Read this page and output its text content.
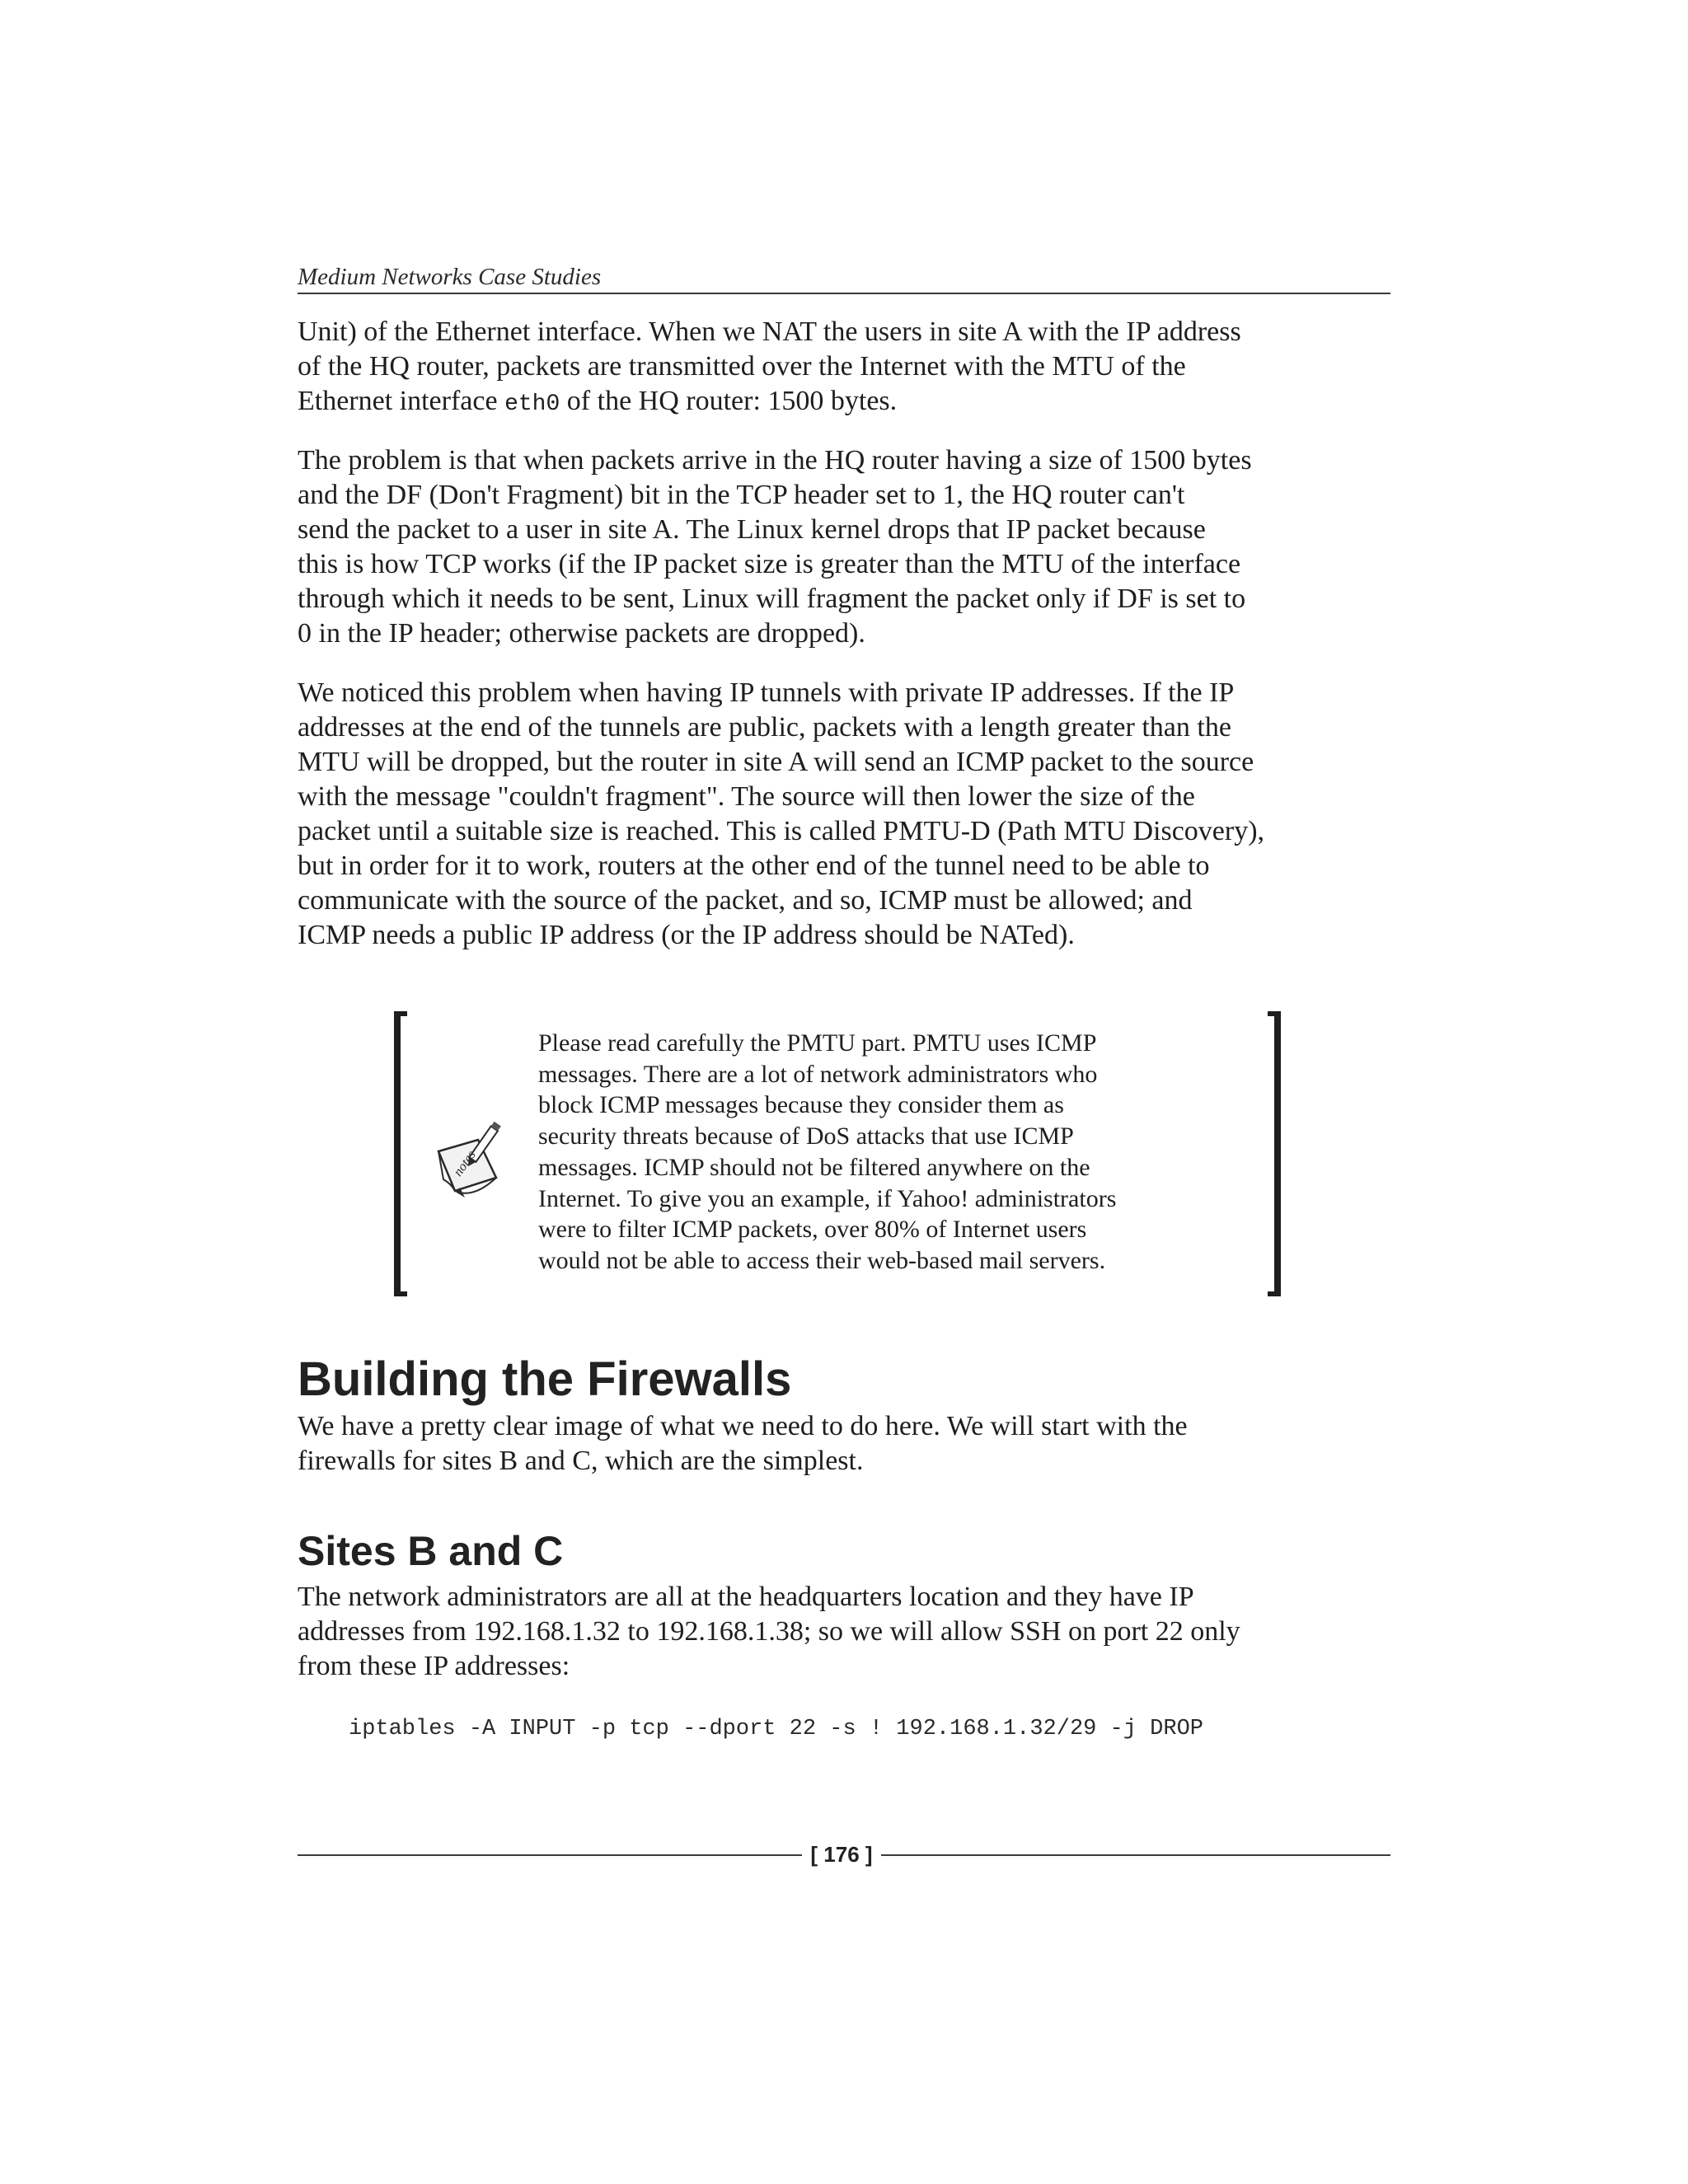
Medium Networks Case Studies

Unit) of the Ethernet interface. When we NAT the users in site A with the IP address
of the HQ router, packets are transmitted over the Internet with the MTU of the
Ethernet interface eth0 of the HQ router: 1500 bytes.

The problem is that when packets arrive in the HQ router having a size of 1500 bytes
and the DF (Don't Fragment) bit in the TCP header set to 1, the HQ router can't
send the packet to a user in site A. The Linux kernel drops that IP packet because
this is how TCP works (if the IP packet size is greater than the MTU of the interface
through which it needs to be sent, Linux will fragment the packet only if DF is set to
0 in the IP header; otherwise packets are dropped).

We noticed this problem when having IP tunnels with private IP addresses. If the IP
addresses at the end of the tunnels are public, packets with a length greater than the
MTU will be dropped, but the router in site A will send an ICMP packet to the source
with the message "couldn't fragment". The source will then lower the size of the
packet until a suitable size is reached. This is called PMTU-D (Path MTU Discovery),
but in order for it to work, routers at the other end of the tunnel need to be able to
communicate with the source of the packet, and so, ICMP must be allowed; and
ICMP needs a public IP address (or the IP address should be NATed).

notes
Please read carefully the PMTU part. PMTU uses ICMP
messages. There are a lot of network administrators who
block ICMP messages because they consider them as
security threats because of DoS attacks that use ICMP
messages. ICMP should not be filtered anywhere on the
Internet. To give you an example, if Yahoo! administrators
were to filter ICMP packets, over 80% of Internet users
would not be able to access their web-based mail servers.
Building the Firewalls

We have a pretty clear image of what we need to do here. We will start with the
firewalls for sites B and C, which are the simplest.

Sites B and C

The network administrators are all at the headquarters location and they have IP
addresses from 192.168.1.32 to 192.168.1.38; so we will allow SSH on port 22 only
from these IP addresses:

iptables -A INPUT -p tcp --dport 22 -s ! 192.168.1.32/29 -j DROP
[ 176 ]
